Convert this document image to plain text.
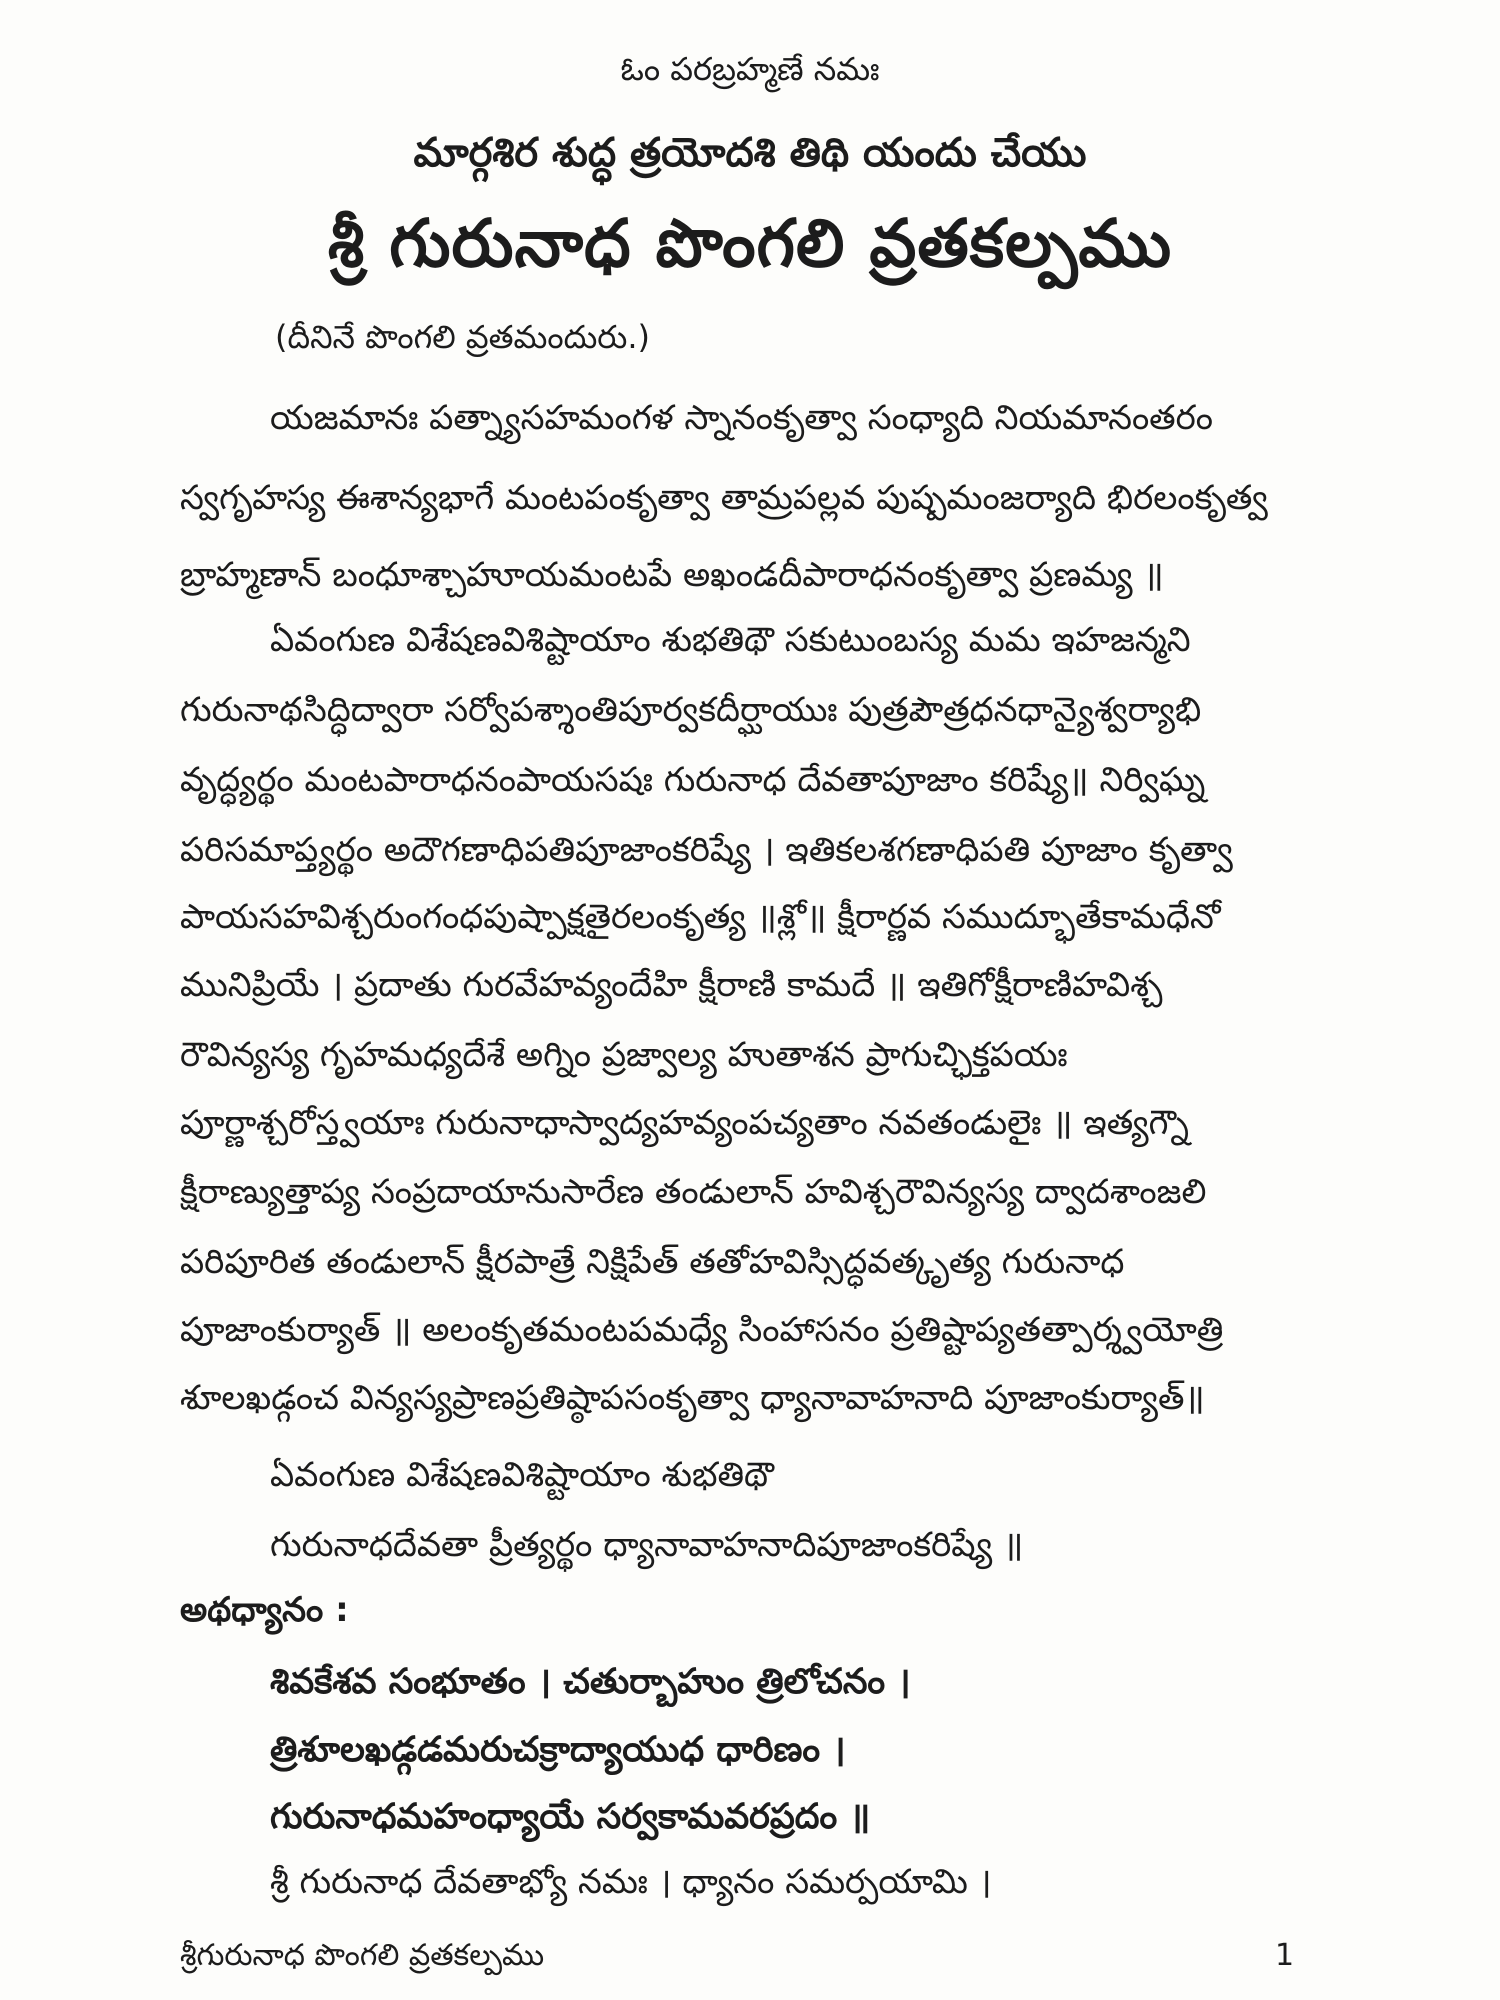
ఓం పరబ్రహ్మణే నమః
మార్గశిర శుద్ధ త్రయోదశి తిథి యందు చేయు
శ్రీ గురునాధ పొంగలి వ్రతకల్పము
(దీనినే పొంగలి వ్రతమందురు.)
యజమానః పత్న్యాసహమంగళ స్నానంకృత్వా సంధ్యాది నియమానంతరం
స్వగృహస్య ఈశాన్యభాగే మంటపంకృత్వా తామ్రపల్లవ పుష్పమంజర్యాది భిరలంకృత్వ
బ్రాహ్మణాన్ బంధూశ్చాహూయమంటపే అఖండదీపారాధనంకృత్వా ప్రణమ్య ॥
ఏవంగుణ విశేషణవిశిష్టాయాం శుభతిథౌ సకుటుంబస్య మమ ఇహజన్మని
గురునాథసిద్ధిద్వారా సర్వోపశ్శాంతిపూర్వకదీర్ఘాయుః పుత్రపౌత్రధనధాన్యైశ్వర్యాభి
వృద్ధ్యర్థం మంటపారాధనంపాయసషః గురునాధ దేవతాపూజాం కరిష్యే॥ నిర్విఘ్న
పరిసమాప్త్యర్థం అదౌగణాధిపతిపూజాంకరిష్యే । ఇతికలశగణాధిపతి పూజాం కృత్వా
పాయసహవిశ్చరుంగంధపుష్పాక్షతైరలంకృత్య ॥శ్లో॥ క్షీరార్ణవ సముద్భూతేకామధేనో
మునిప్రియే । ప్రదాతు గురవేహవ్యందేహి క్షీరాణి కామదే ॥ ఇతిగోక్షీరాణిహవిశ్చ
రౌవిన్యస్య గృహమధ్యదేశే అగ్నిం ప్రజ్వాల్య హుతాశన ప్రాగుచ్ఛిక్తపయః
పూర్ణాశ్చరోస్త్వయాః గురునాధాస్వాద్యహవ్యంపచ్యతాం నవతండులైః ॥ ఇత్యగ్నౌ
క్షీరాణ్యుత్తాప్య సంప్రదాయానుసారేణ తండులాన్ హవిశ్చరౌవిన్యస్య ద్వాదశాంజలి
పరిపూరిత తండులాన్ క్షీరపాత్రే నిక్షిపేత్ తతోహవిస్సిద్ధవత్కృత్య గురునాధ
పూజాంకుర్యాత్ ॥ అలంకృతమంటపమధ్యే సింహాసనం ప్రతిష్టాప్యతత్పార్శ్వయోత్రి
శూలఖడ్గంచ విన్యస్యప్రాణప్రతిష్ఠాపసంకృత్వా ధ్యానావాహనాది పూజాంకుర్యాత్॥
ఏవంగుణ విశేషణవిశిష్టాయాం శుభతిథౌ
గురునాధదేవతా ప్రీత్యర్థం ధ్యానావాహనాదిపూజాంకరిష్యే ॥
అథధ్యానం :
శివకేశవ సంభూతం । చతుర్బాహుం త్రిలోచనం ।
త్రిశూలఖడ్గడమరుచక్రాద్యాయుధ ధారిణం ।
గురునాధమహంధ్యాయే సర్వకామవరప్రదం ॥
శ్రీ గురునాధ దేవతాభ్యో నమః । ధ్యానం సమర్పయామి ।
శ్రీగురునాధ పొంగలి వ్రతకల్పము	1
